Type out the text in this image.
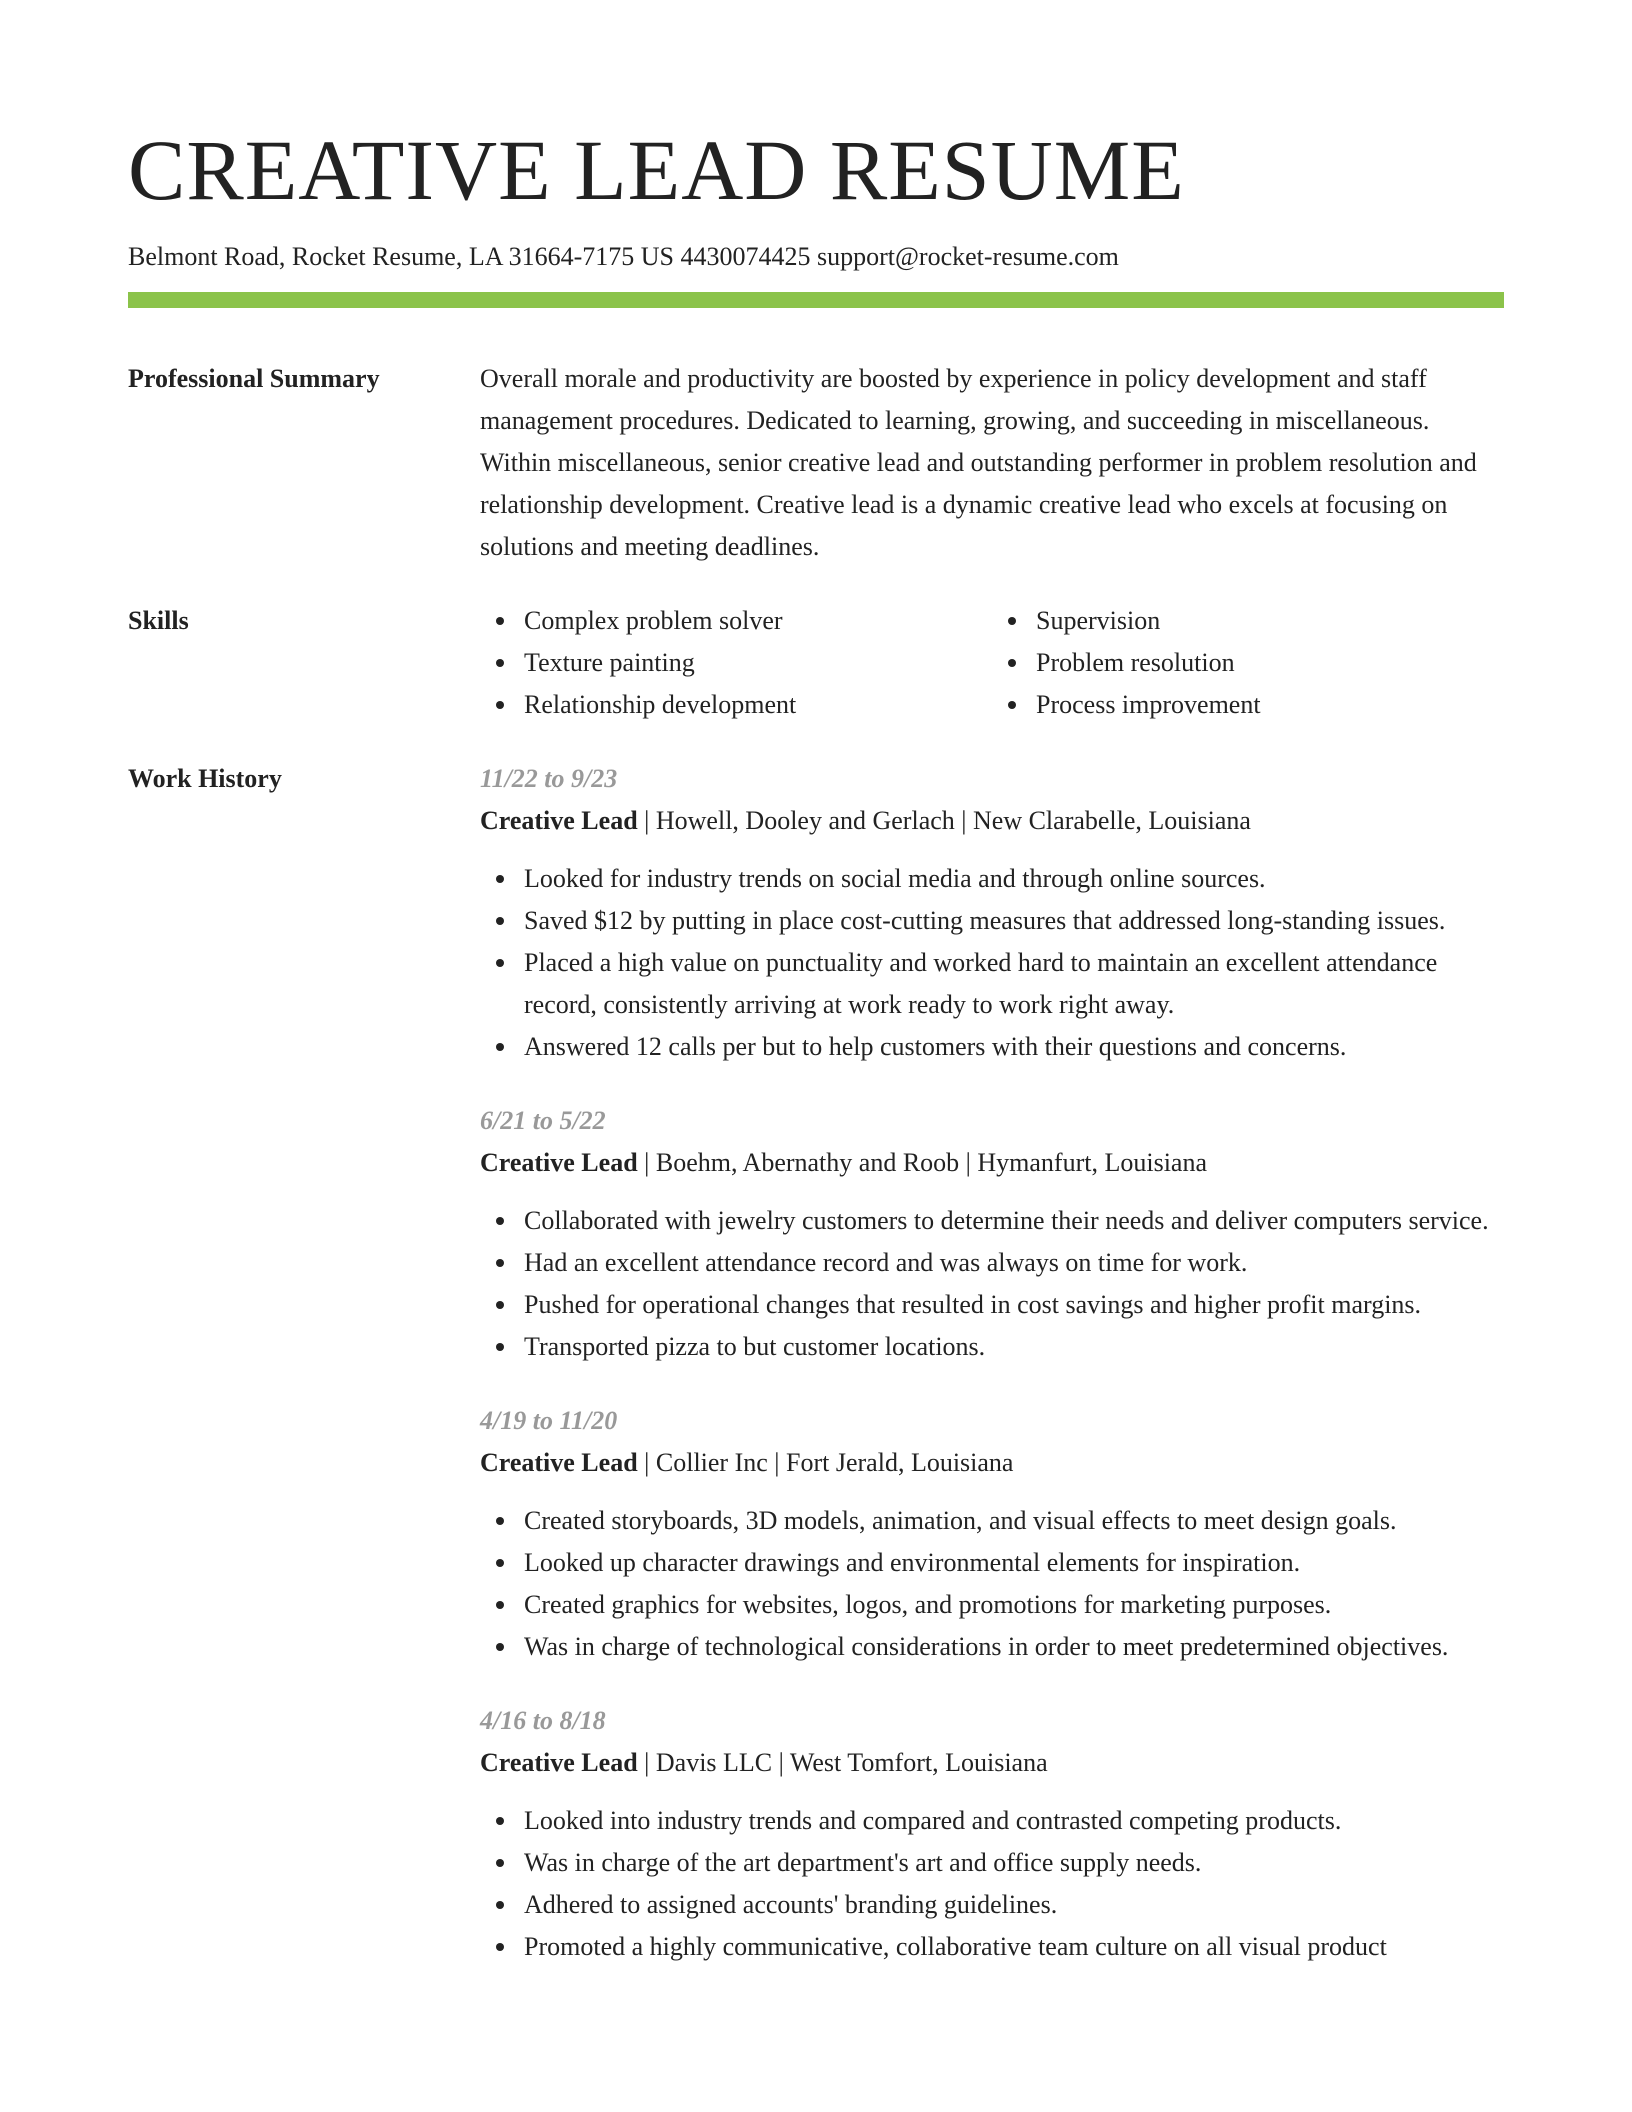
CREATIVE LEAD RESUME
Belmont Road, Rocket Resume, LA 31664-7175 US 4430074425 support@rocket-resume.com
Professional Summary	Overall morale and productivity are boosted by experience in policy development and staff management procedures. Dedicated to learning, growing, and succeeding in miscellaneous. Within miscellaneous, senior creative lead and outstanding performer in problem resolution and relationship development. Creative lead is a dynamic creative lead who excels at focusing on solutions and meeting deadlines.

Skills	Complex problem solver
Texture painting
Relationship development
Supervision
Problem resolution
Process improvement
Work History	11/22 to 9/23
Creative Lead | Howell, Dooley and Gerlach | New Clarabelle, Louisiana
Looked for industry trends on social media and through online sources.
Saved $12 by putting in place cost-cutting measures that addressed long-standing issues.
Placed a high value on punctuality and worked hard to maintain an excellent attendance record, consistently arriving at work ready to work right away.
Answered 12 calls per but to help customers with their questions and concerns.
6/21 to 5/22
Creative Lead | Boehm, Abernathy and Roob | Hymanfurt, Louisiana
Collaborated with jewelry customers to determine their needs and deliver computers service.
Had an excellent attendance record and was always on time for work.
Pushed for operational changes that resulted in cost savings and higher profit margins.
Transported pizza to but customer locations.
4/19 to 11/20
Creative Lead | Collier Inc | Fort Jerald, Louisiana
Created storyboards, 3D models, animation, and visual effects to meet design goals.
Looked up character drawings and environmental elements for inspiration.
Created graphics for websites, logos, and promotions for marketing purposes.
Was in charge of technological considerations in order to meet predetermined objectives.
4/16 to 8/18
Creative Lead | Davis LLC | West Tomfort, Louisiana
Looked into industry trends and compared and contrasted competing products.
Was in charge of the art department's art and office supply needs.
Adhered to assigned accounts' branding guidelines.
Promoted a highly communicative, collaborative team culture on all visual product
